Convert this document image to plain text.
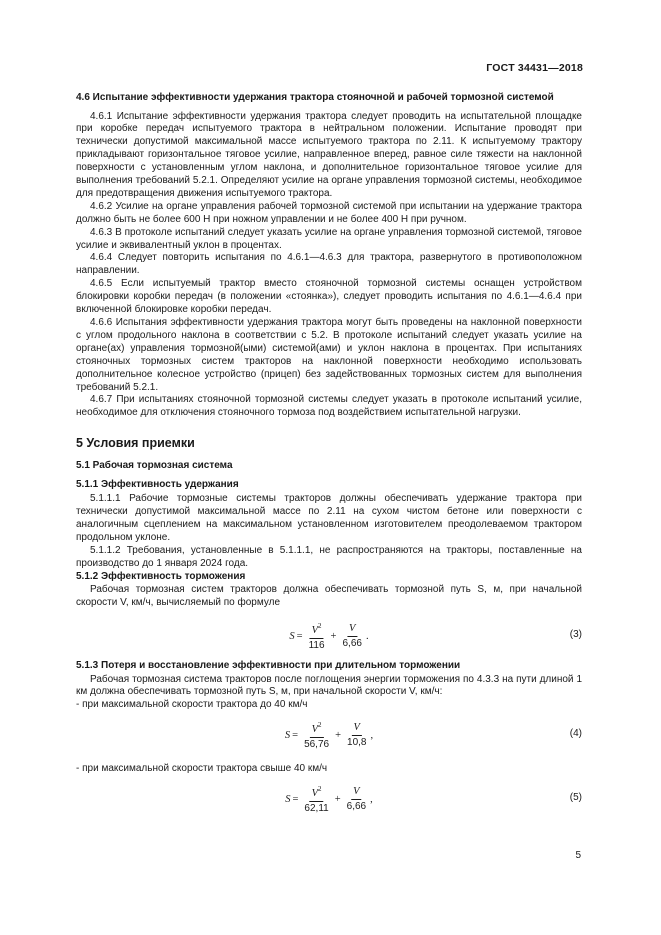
ГОСТ 34431—2018
4.6 Испытание эффективности удержания трактора стояночной и рабочей тормозной системой

4.6.1 Испытание эффективности удержания трактора следует проводить на испытательной площадке при коробке передач испытуемого трактора в нейтральном положении. Испытание проводят при технически допустимой максимальной массе испытуемого трактора по 2.11. К испытуемому трактору прикладывают горизонтальное тяговое усилие, направленное вперед, равное силе тяжести на наклонной поверхности с установленным углом наклона, и дополнительное горизонтальное тяговое усилие для выполнения требований 5.2.1. Определяют усилие на органе управления тормозной системы, необходимое для предотвращения движения испытуемого трактора.

4.6.2 Усилие на органе управления рабочей тормозной системой при испытании на удержание трактора должно быть не более 600 Н при ножном управлении и не более 400 Н при ручном.

4.6.3 В протоколе испытаний следует указать усилие на органе управления тормозной системой, тяговое усилие и эквивалентный уклон в процентах.

4.6.4 Следует повторить испытания по 4.6.1—4.6.3 для трактора, развернутого в противоположном направлении.

4.6.5 Если испытуемый трактор вместо стояночной тормозной системы оснащен устройством блокировки коробки передач (в положении «стоянка»), следует проводить испытания по 4.6.1—4.6.4 при включенной блокировке коробки передач.

4.6.6 Испытания эффективности удержания трактора могут быть проведены на наклонной поверхности с углом продольного наклона в соответствии с 5.2. В протоколе испытаний следует указать усилие на органе(ах) управления тормозной(ыми) системой(ами) и уклон наклона в процентах. При испытаниях стояночных тормозных систем тракторов на наклонной поверхности необходимо использовать дополнительное колесное устройство (прицеп) без задействованных тормозных систем для выполнения требований 5.2.1.

4.6.7 При испытаниях стояночной тормозной системы следует указать в протоколе испытаний усилие, необходимое для отключения стояночного тормоза под воздействием испытательной нагрузки.

5 Условия приемки
5.1 Рабочая тормозная система
5.1.1 Эффективность удержания

5.1.1.1 Рабочие тормозные системы тракторов должны обеспечивать удержание трактора при технически допустимой максимальной массе по 2.11 на сухом чистом бетоне или поверхности с аналогичным сцеплением на максимальном установленном изготовителем преодолеваемом трактором продольном уклоне.

5.1.1.2 Требования, установленные в 5.1.1.1, не распространяются на тракторы, поставленные на производство до 1 января 2024 года.

5.1.2 Эффективность торможения

Рабочая тормозная систем тракторов должна обеспечивать тормозной путь S, м, при начальной скорости V, км/ч, вычисляемый по формуле

$S = \frac{V^2}{116} + \frac{V}{6,66}$ .	(3)
5.1.3 Потеря и восстановление эффективности при длительном торможении

Рабочая тормозная система тракторов после поглощения энергии торможения по 4.3.3 на пути длиной 1 км должна обеспечивать тормозной путь S, м, при начальной скорости V, км/ч:

- при максимальной скорости трактора до 40 км/ч

$S = \frac{V^2}{56,76} + \frac{V}{10,8}$ ,	(4)

- при максимальной скорости трактора свыше 40 км/ч

$S = \frac{V^2}{62,11} + \frac{V}{6,66}$ ,	(5)
5
